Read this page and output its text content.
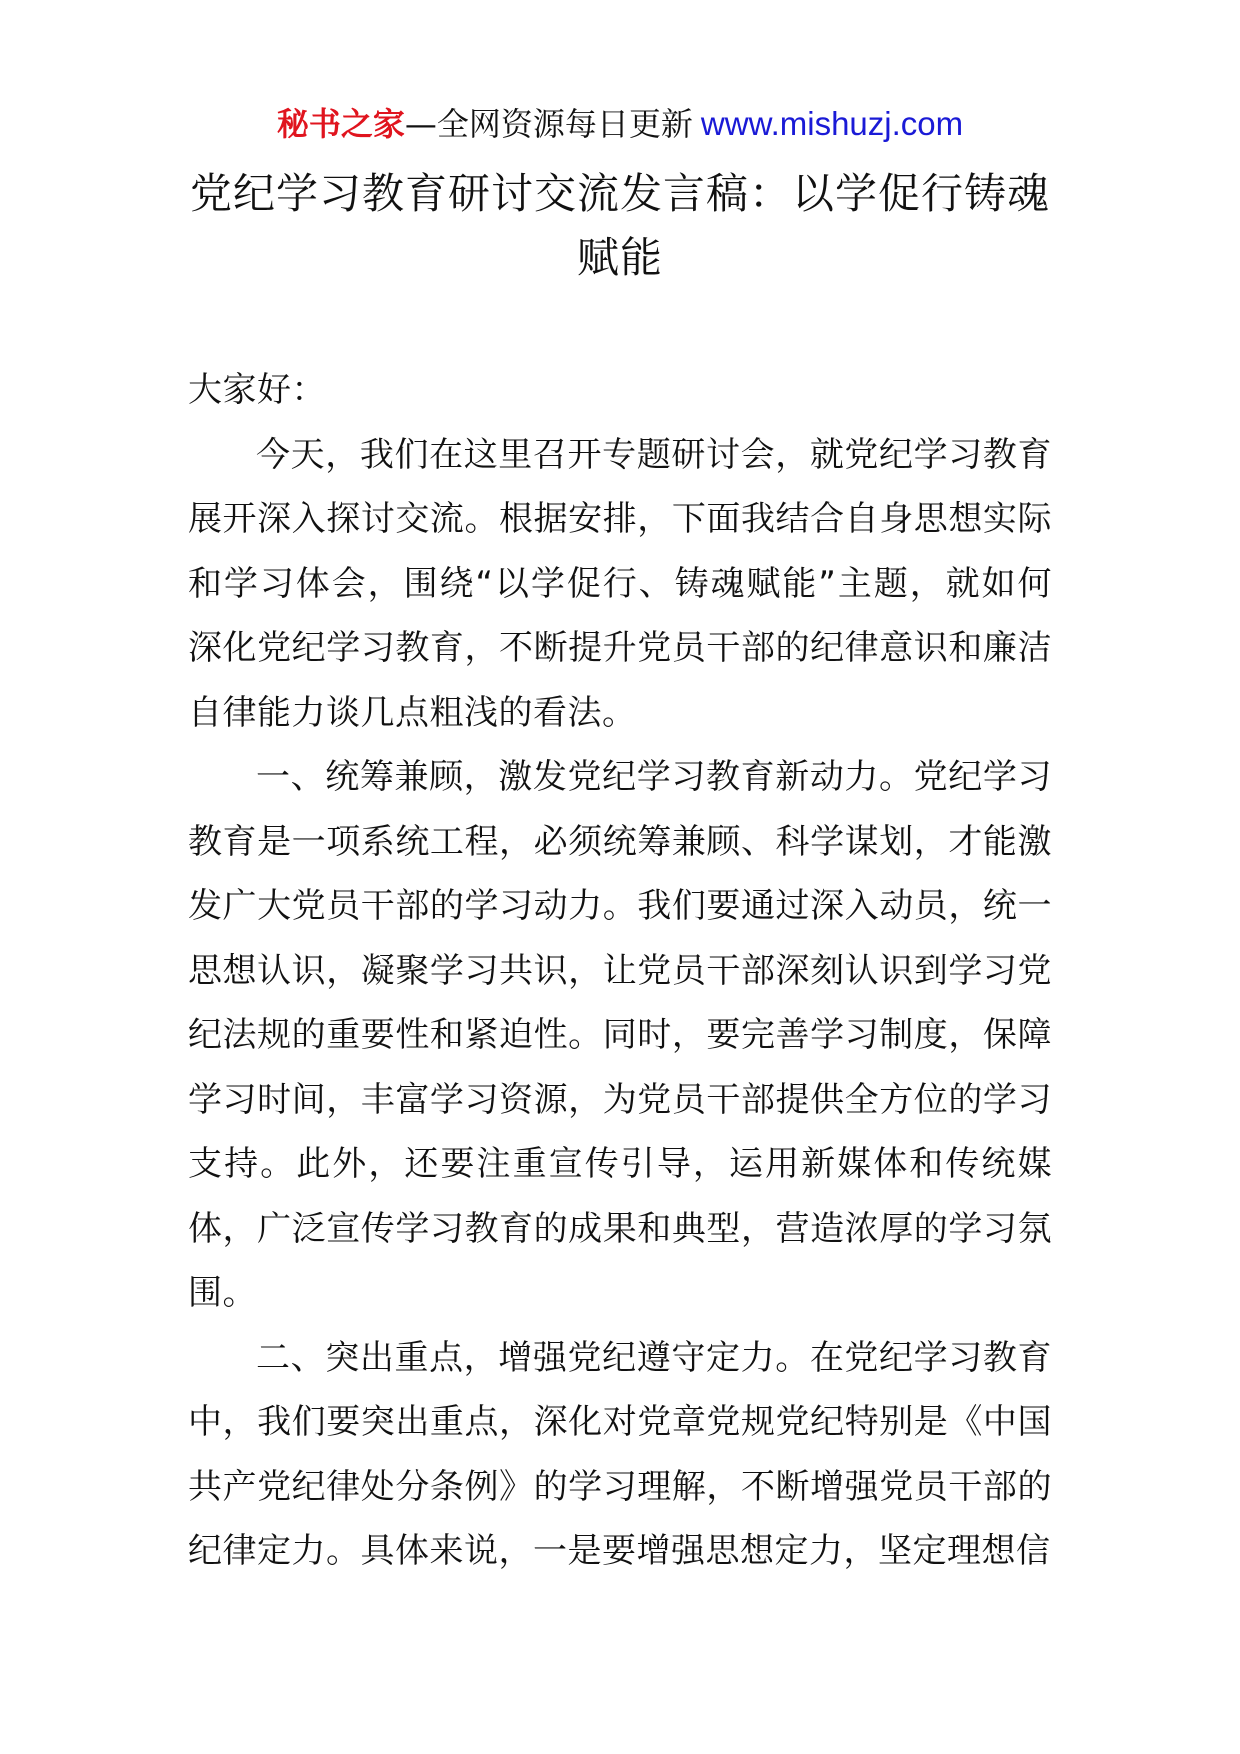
秘书之家—全网资源每日更新 www.mishuzj.com
党纪学习教育研讨交流发言稿：以学促行铸魂
赋能

大家好：

今天，我们在这里召开专题研讨会，就党纪学习教育展开深入探讨交流。根据安排，下面我结合自身思想实际和学习体会，围绕“以学促行、铸魂赋能”主题，就如何深化党纪学习教育，不断提升党员干部的纪律意识和廉洁自律能力谈几点粗浅的看法。

一、统筹兼顾，激发党纪学习教育新动力。党纪学习教育是一项系统工程，必须统筹兼顾、科学谋划，才能激发广大党员干部的学习动力。我们要通过深入动员，统一思想认识，凝聚学习共识，让党员干部深刻认识到学习党纪法规的重要性和紧迫性。同时，要完善学习制度，保障学习时间，丰富学习资源，为党员干部提供全方位的学习支持。此外，还要注重宣传引导，运用新媒体和传统媒体，广泛宣传学习教育的成果和典型，营造浓厚的学习氛围。

二、突出重点，增强党纪遵守定力。在党纪学习教育中，我们要突出重点，深化对党章党规党纪特别是《中国共产党纪律处分条例》的学习理解，不断增强党员干部的纪律定力。具体来说，一是要增强思想定力，坚定理想信
